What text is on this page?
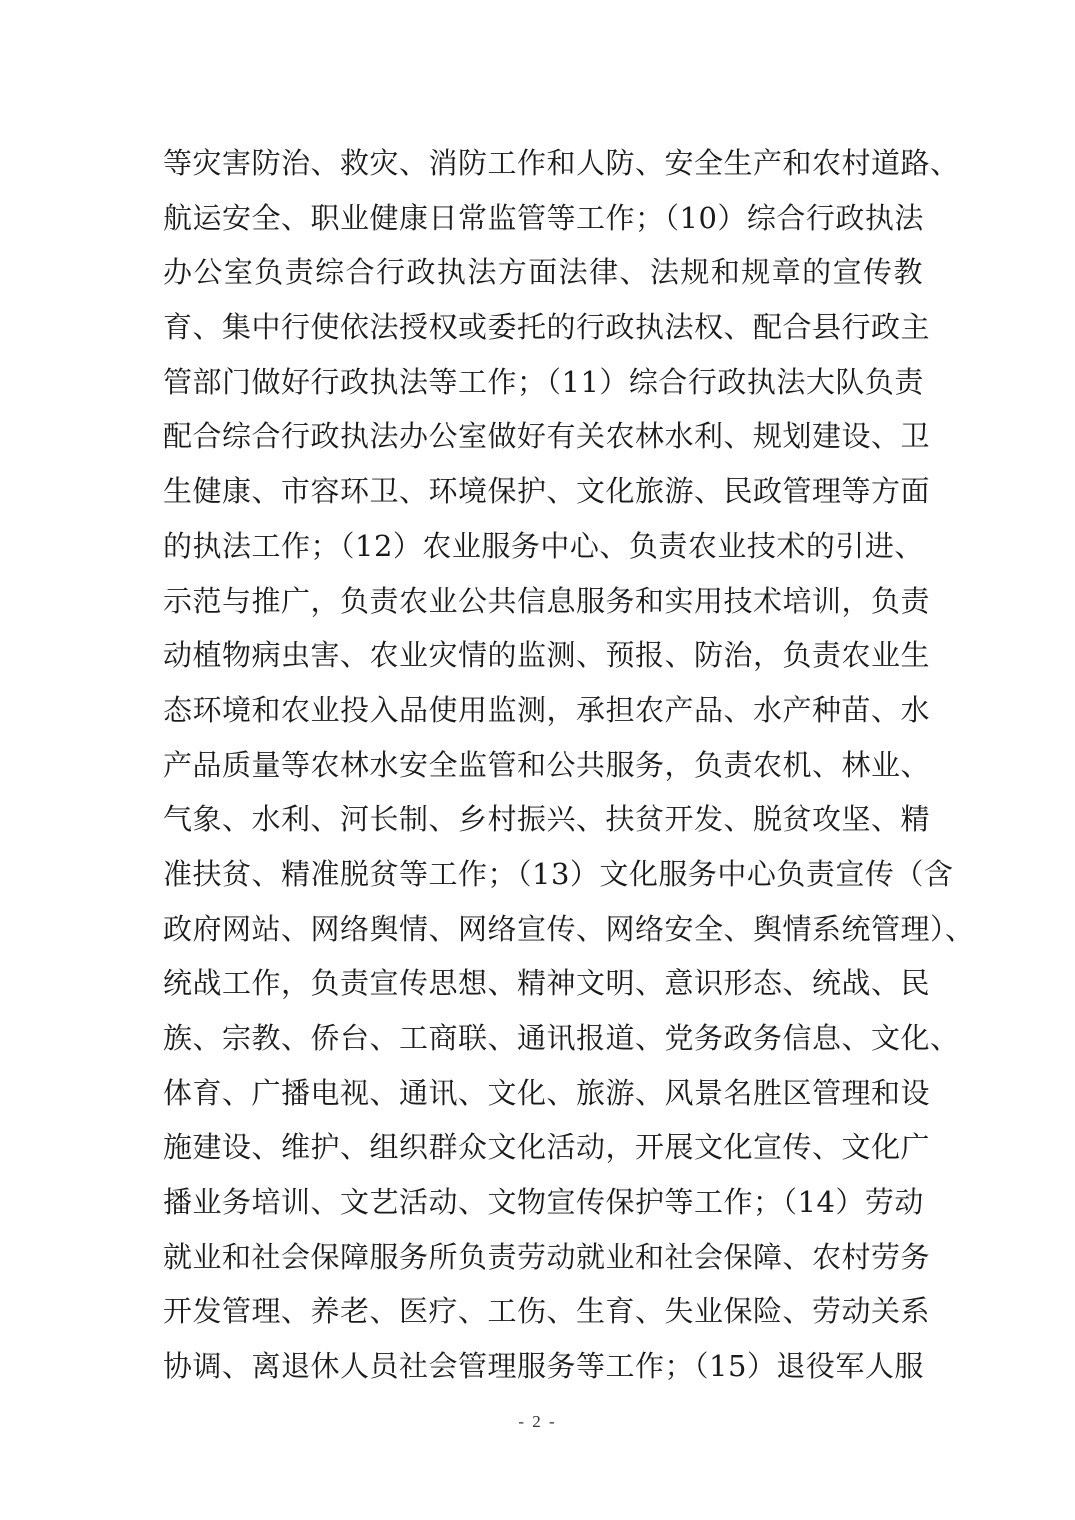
等灾害防治、救灾、消防工作和人防、安全生产和农村道路、
航运安全、职业健康日常监管等工作；（10）综合行政执法
办公室负责综合行政执法方面法律、法规和规章的宣传教
育、集中行使依法授权或委托的行政执法权、配合县行政主
管部门做好行政执法等工作；（11）综合行政执法大队负责
配合综合行政执法办公室做好有关农林水利、规划建设、卫
生健康、市容环卫、环境保护、文化旅游、民政管理等方面
的执法工作；（12）农业服务中心、负责农业技术的引进、
示范与推广，负责农业公共信息服务和实用技术培训，负责
动植物病虫害、农业灾情的监测、预报、防治，负责农业生
态环境和农业投入品使用监测，承担农产品、水产种苗、水
产品质量等农林水安全监管和公共服务，负责农机、林业、
气象、水利、河长制、乡村振兴、扶贫开发、脱贫攻坚、精
准扶贫、精准脱贫等工作；（13）文化服务中心负责宣传（含
政府网站、网络舆情、网络宣传、网络安全、舆情系统管理）、
统战工作，负责宣传思想、精神文明、意识形态、统战、民
族、宗教、侨台、工商联、通讯报道、党务政务信息、文化、
体育、广播电视、通讯、文化、旅游、风景名胜区管理和设
施建设、维护、组织群众文化活动，开展文化宣传、文化广
播业务培训、文艺活动、文物宣传保护等工作；（14）劳动
就业和社会保障服务所负责劳动就业和社会保障、农村劳务
开发管理、养老、医疗、工伤、生育、失业保险、劳动关系
协调、离退休人员社会管理服务等工作；（15）退役军人服
- 2 -
